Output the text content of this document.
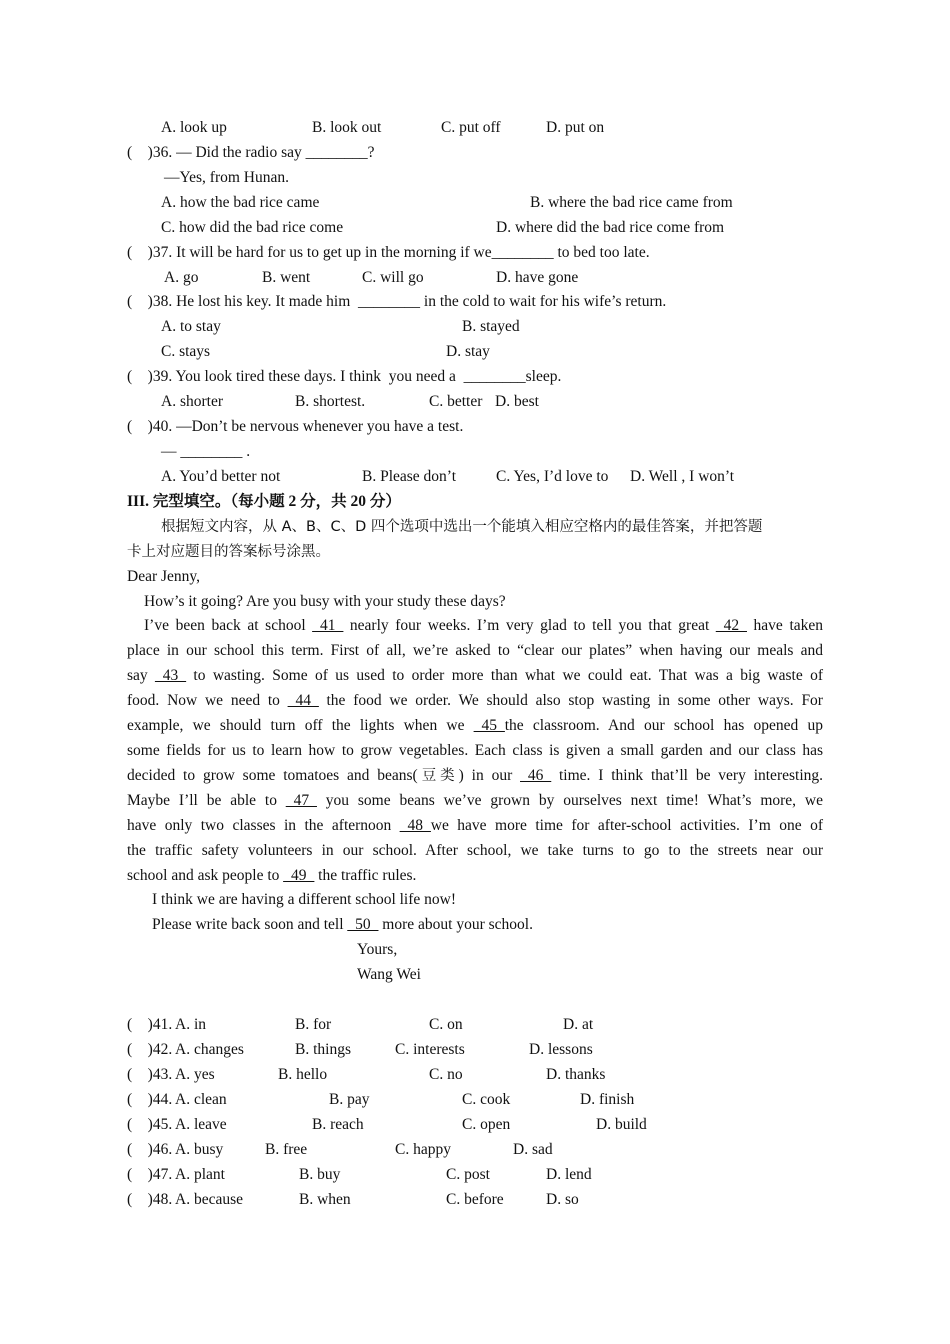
A. look up	B. look out	C. put off	D. put on
(    )36. — Did the radio say ________?
—Yes, from Hunan.
A. how the bad rice came	B. where the bad rice came from
C. how did the bad rice come	D. where did the bad rice come from
(    )37. It will be hard for us to get up in the morning if we________ to bed too late.
A. go	B. went	C. will go	D. have gone
(    )38. He lost his key. It made him  ________ in the cold to wait for his wife’s return.
A. to stay	B. stayed
C. stays	D. stay
(    )39. You look tired these days. I think  you need a  ________sleep.
A. shorter	B. shortest.	C. better D. best
(    )40. —Don’t be nervous whenever you have a test.
— ________ .
A. You’d better not	B. Please don’t	C. Yes, I’d love to D. Well , I won’t
III. 完型填空。（每小题 2 分，共 20 分）
根据短文内容，从 A、B、C、D 四个选项中选出一个能填入相应空格内的最佳答案，并把答题
卡上对应题目的答案标号涂黑。
Dear Jenny,
How’s it going? Are you busy with your study these days?
I’ve been back at school _41_ nearly four weeks. I’m very glad to tell you that great _42_ have taken
place in our school this term. First of all, we’re asked to “clear our plates” when having our meals and
say _43_ to wasting. Some of us used to order more than what we could eat. That was a big waste of
food. Now we need to _44_ the food we order. We should also stop wasting in some other ways. For
example, we should turn off the lights when we _45_the classroom. And our school has opened up
some fields for us to learn how to grow vegetables. Each class is given a small garden and our class has
decided to grow some tomatoes and beans(豆类) in our _46_ time. I think that’ll be very interesting.
Maybe I’ll be able to _47_ you some beans we’ve grown by ourselves next time! What’s more, we
have only two classes in the afternoon _48_we have more time for after-school activities. I’m one of
the traffic safety volunteers in our school. After school, we take turns to go to the streets near our
school and ask people to _49_ the traffic rules.
I think we are having a different school life now!
Please write back soon and tell _50_ more about your school.
Yours,
Wang Wei
(    )41. A. in	B. for	C. on	D. at
(    )42. A. changes	B. things	C. interests	D. lessons
(    )43. A. yes	B. hello	C. no	D. thanks
(    )44. A. clean	B. pay	C. cook	D. finish
(    )45. A. leave	B. reach	C. open	D. build
(    )46. A. busy	B. free	C. happy	D. sad
(    )47. A. plant	B. buy	C. post	D. lend
(    )48. A. because	B. when	C. before	D. so
